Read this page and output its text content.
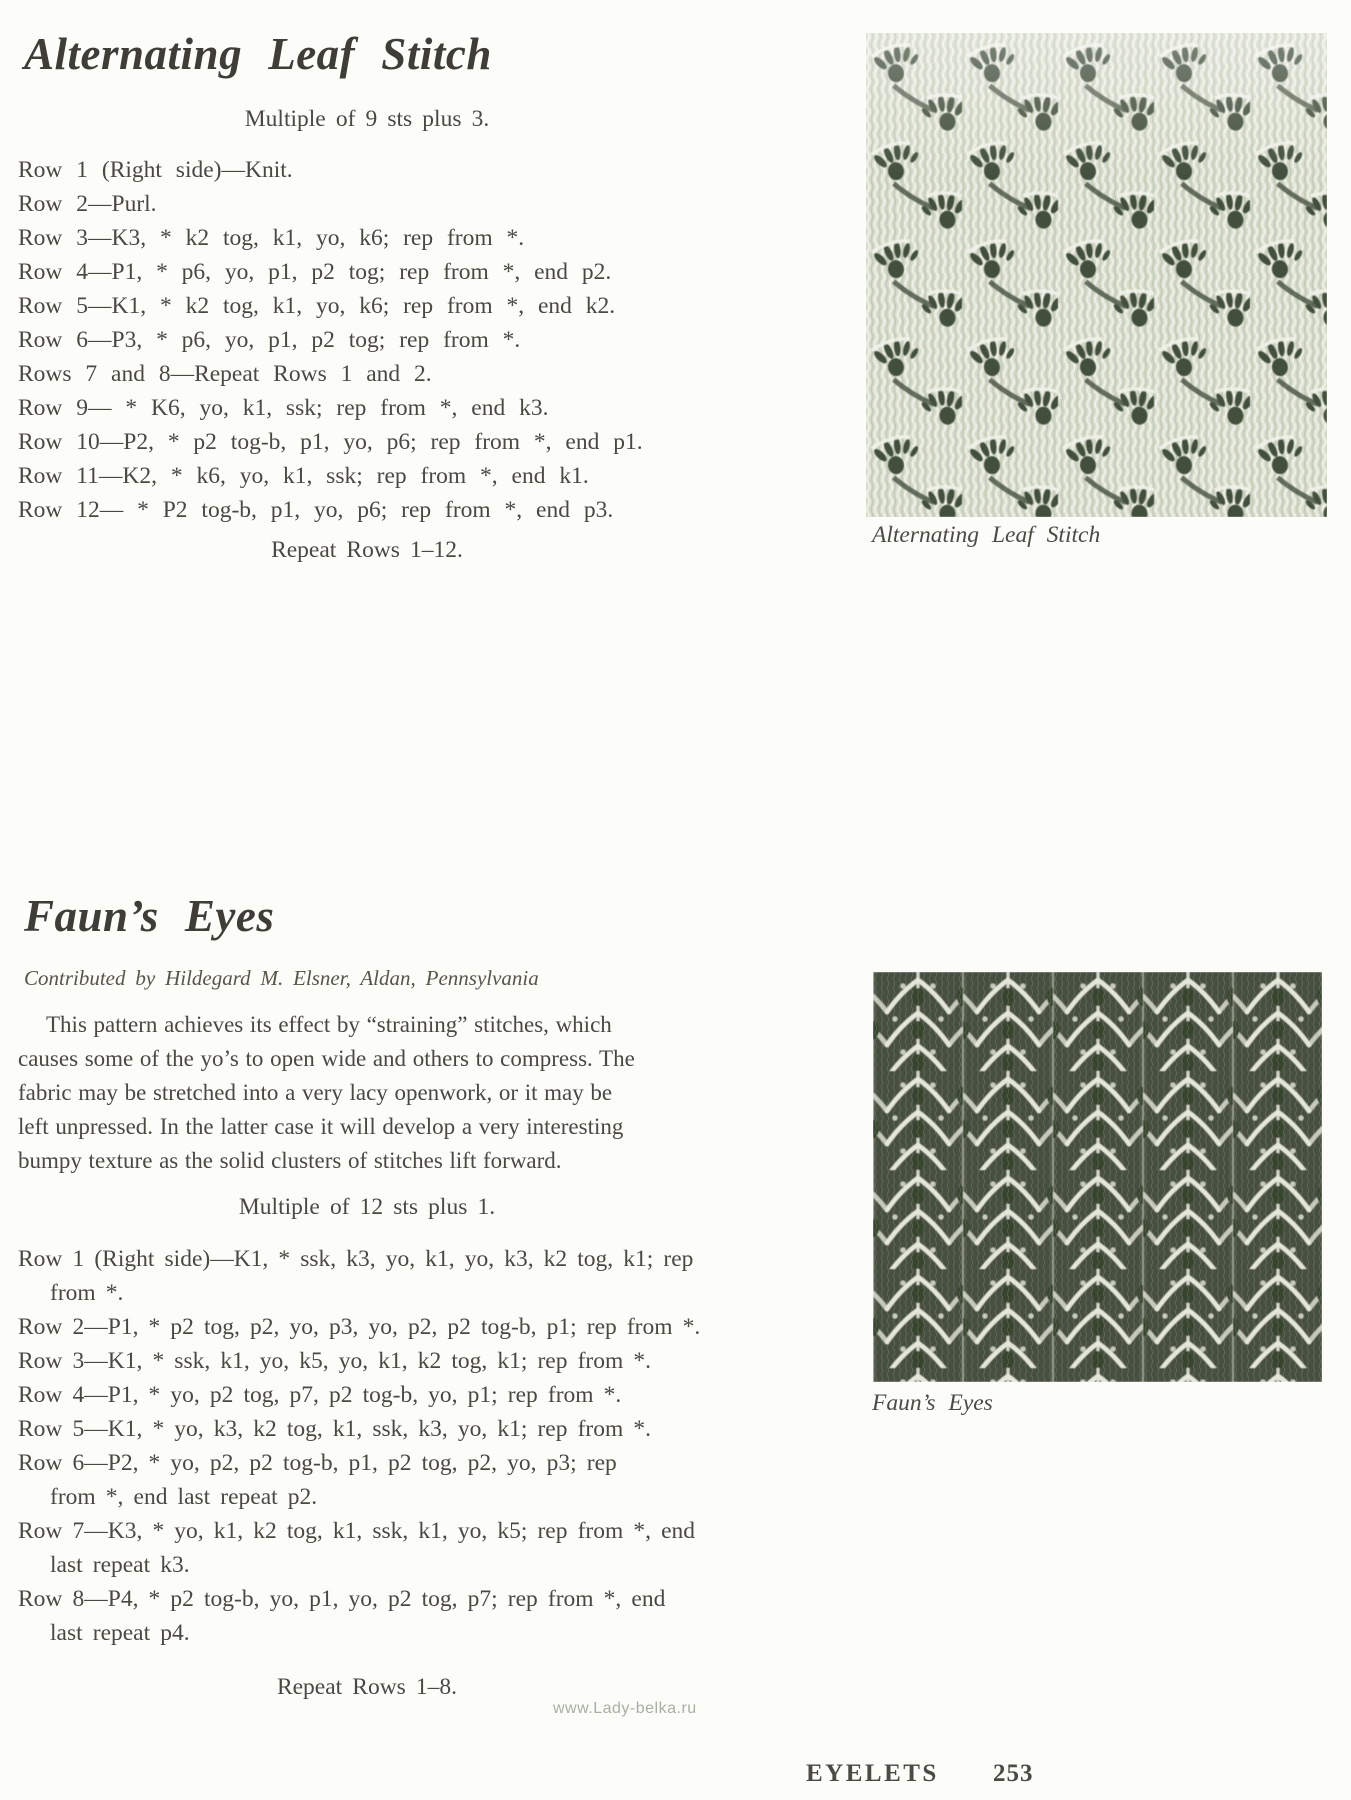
Alternating Leaf Stitch
Multiple of 9 sts plus 3.
Row 1 (Right side)—Knit.
Row 2—Purl.
Row 3—K3, * k2 tog, k1, yo, k6; rep from *.
Row 4—P1, * p6, yo, p1, p2 tog; rep from *, end p2.
Row 5—K1, * k2 tog, k1, yo, k6; rep from *, end k2.
Row 6—P3, * p6, yo, p1, p2 tog; rep from *.
Rows 7 and 8—Repeat Rows 1 and 2.
Row 9— * K6, yo, k1, ssk; rep from *, end k3.
Row 10—P2, * p2 tog-b, p1, yo, p6; rep from *, end p1.
Row 11—K2, * k6, yo, k1, ssk; rep from *, end k1.
Row 12— * P2 tog-b, p1, yo, p6; rep from *, end p3.
Repeat Rows 1–12.
Alternating Leaf Stitch
Faun’s Eyes
Contributed by Hildegard M. Elsner, Aldan, Pennsylvania
This pattern achieves its effect by “straining” stitches, which
causes some of the yo’s to open wide and others to compress. The
fabric may be stretched into a very lacy openwork, or it may be
left unpressed. In the latter case it will develop a very interesting
bumpy texture as the solid clusters of stitches lift forward.
Multiple of 12 sts plus 1.
Row 1 (Right side)—K1, * ssk, k3, yo, k1, yo, k3, k2 tog, k1; rep
from *.
Row 2—P1, * p2 tog, p2, yo, p3, yo, p2, p2 tog-b, p1; rep from *.
Row 3—K1, * ssk, k1, yo, k5, yo, k1, k2 tog, k1; rep from *.
Row 4—P1, * yo, p2 tog, p7, p2 tog-b, yo, p1; rep from *.
Row 5—K1, * yo, k3, k2 tog, k1, ssk, k3, yo, k1; rep from *.
Row 6—P2, * yo, p2, p2 tog-b, p1, p2 tog, p2, yo, p3; rep
from *, end last repeat p2.
Row 7—K3, * yo, k1, k2 tog, k1, ssk, k1, yo, k5; rep from *, end
last repeat k3.
Row 8—P4, * p2 tog-b, yo, p1, yo, p2 tog, p7; rep from *, end
last repeat p4.
Repeat Rows 1–8.
Faun’s Eyes
www.Lady-belka.ru
EYELETS 253
